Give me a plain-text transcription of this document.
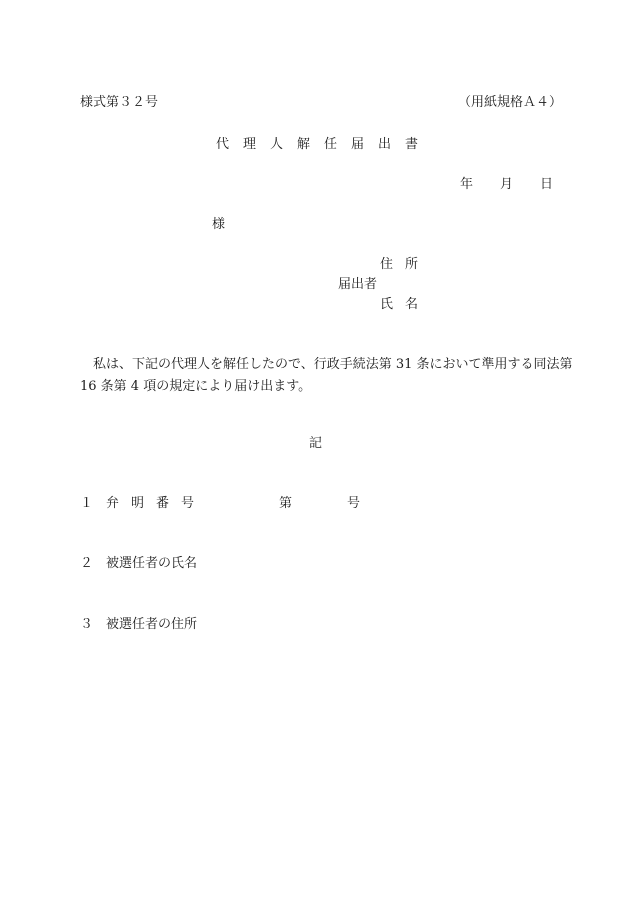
様式第３２号	（用紙規格Ａ４）
代理人解任届出書
年 月 日
様
住所
届出者
氏名
　私は、下記の代理人を解任したので、行政手続法第 31 条において準用する同法第 16 条第 4 項の規定により届け出ます。
記
１ 弁明番号	第	号
２ 被選任者の氏名
３ 被選任者の住所
